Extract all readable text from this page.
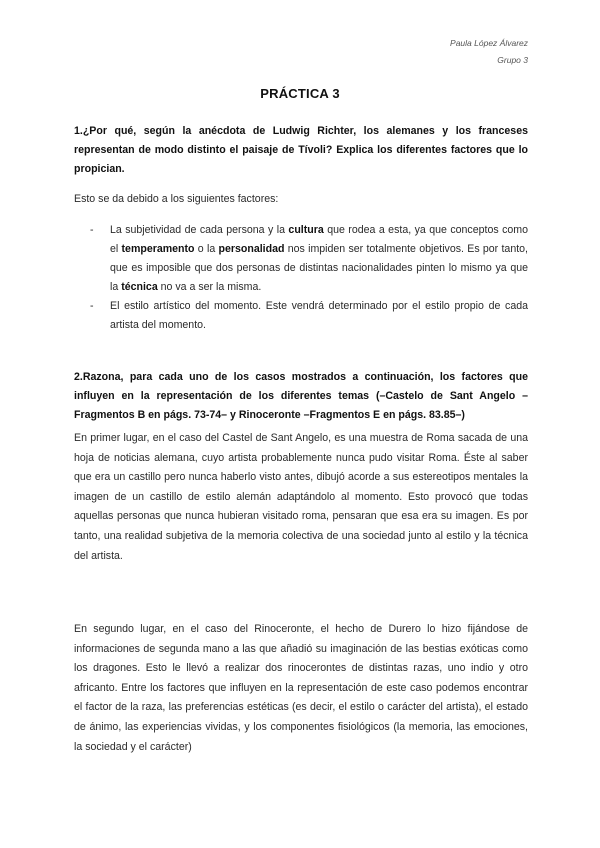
Paula López Álvarez
Grupo 3
PRÁCTICA 3
1.¿Por qué, según la anécdota de Ludwig Richter, los alemanes y los franceses representan de modo distinto el paisaje de Tívoli? Explica los diferentes factores que lo propician.
Esto se da debido a los siguientes factores:
- La subjetividad de cada persona y la cultura que rodea a esta, ya que conceptos como el temperamento o la personalidad nos impiden ser totalmente objetivos. Es por tanto, que es imposible que dos personas de distintas nacionalidades pinten lo mismo ya que la técnica no va a ser la misma.
- El estilo artístico del momento. Este vendrá determinado por el estilo propio de cada artista del momento.
2.Razona, para cada uno de los casos mostrados a continuación, los factores que influyen en la representación de los diferentes temas (–Castelo de Sant Angelo –Fragmentos B en págs. 73-74– y Rinoceronte –Fragmentos E en págs. 83.85–)
En primer lugar, en el caso del Castel de Sant Angelo, es una muestra de Roma sacada de una hoja de noticias alemana, cuyo artista probablemente nunca pudo visitar Roma. Éste al saber que era un castillo pero nunca haberlo visto antes, dibujó acorde a sus estereotipos mentales la imagen de un castillo de estilo alemán adaptándolo al momento. Esto provocó que todas aquellas personas que nunca hubieran visitado roma, pensaran que esa era su imagen. Es por tanto, una realidad subjetiva de la memoria colectiva de una sociedad junto al estilo y la técnica del artista.
En segundo lugar, en el caso del Rinoceronte, el hecho de Durero lo hizo fijándose de informaciones de segunda mano a las que añadió su imaginación de las bestias exóticas como los dragones. Esto le llevó a realizar dos rinocerontes de distintas razas, uno indio y otro africanto. Entre los factores que influyen en la representación de este caso podemos encontrar el factor de la raza, las preferencias estéticas (es decir, el estilo o carácter del artista), el estado de ánimo, las experiencias vividas, y los componentes fisiológicos (la memoria, las emociones, la sociedad y el carácter)
